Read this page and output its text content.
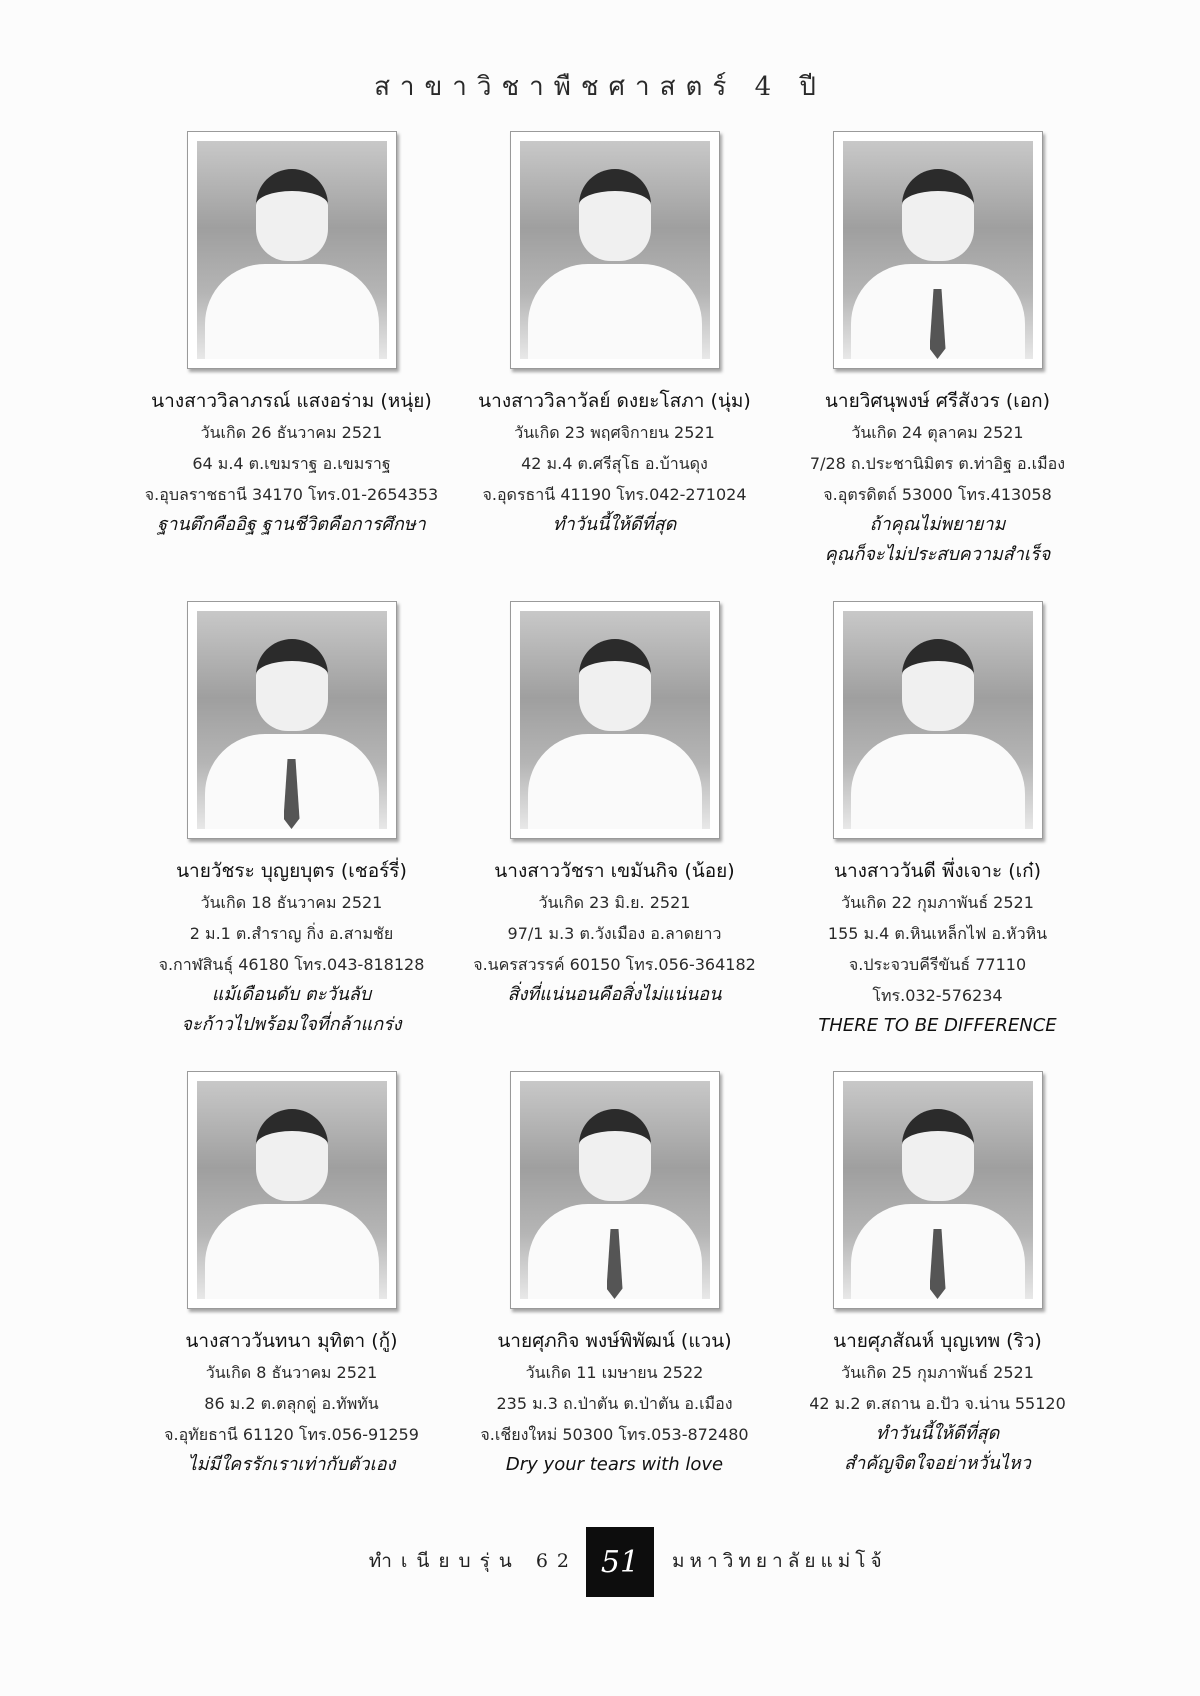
สาขาวิชาพืชศาสตร์ 4 ปี
นางสาววิลาภรณ์ แสงอร่าม (หนุ่ย)
วันเกิด 26 ธันวาคม 2521
64 ม.4 ต.เขมราฐ อ.เขมราฐ
จ.อุบลราชธานี 34170 โทร.01-2654353
ฐานตึกคืออิฐ ฐานชีวิตคือการศึกษา
นางสาววิลาวัลย์ ดงยะโสภา (นุ่ม)
วันเกิด 23 พฤศจิกายน 2521
42 ม.4 ต.ศรีสุโธ อ.บ้านดุง
จ.อุดรธานี 41190 โทร.042-271024
ทำวันนี้ให้ดีที่สุด
นายวิศนุพงษ์ ศรีสังวร (เอก)
วันเกิด 24 ตุลาคม 2521
7/28 ถ.ประชานิมิตร ต.ท่าอิฐ อ.เมือง
จ.อุตรดิตถ์ 53000 โทร.413058
ถ้าคุณไม่พยายาม
คุณก็จะไม่ประสบความสำเร็จ
นายวัชระ บุญยบุตร (เชอร์รี่)
วันเกิด 18 ธันวาคม 2521
2 ม.1 ต.สำราญ กิ่ง อ.สามชัย
จ.กาฬสินธุ์ 46180 โทร.043-818128
แม้เดือนดับ ตะวันลับ
จะก้าวไปพร้อมใจที่กล้าแกร่ง
นางสาววัชรา เขมันกิจ (น้อย)
วันเกิด 23 มิ.ย. 2521
97/1 ม.3 ต.วังเมือง อ.ลาดยาว
จ.นครสวรรค์ 60150 โทร.056-364182
สิ่งที่แน่นอนคือสิ่งไม่แน่นอน
นางสาววันดี พึ่งเจาะ (เก๋)
วันเกิด 22 กุมภาพันธ์ 2521
155 ม.4 ต.หินเหล็กไฟ อ.หัวหิน
จ.ประจวบคีรีขันธ์ 77110
โทร.032-576234
THERE TO BE DIFFERENCE
นางสาววันทนา มุทิตา (กู้)
วันเกิด 8 ธันวาคม 2521
86 ม.2 ต.ตลุกดู่ อ.ทัพทัน
จ.อุทัยธานี 61120 โทร.056-91259
ไม่มีใครรักเราเท่ากับตัวเอง
นายศุภกิจ พงษ์พิพัฒน์ (แวน)
วันเกิด 11 เมษายน 2522
235 ม.3 ถ.ป่าตัน ต.ป่าตัน อ.เมือง
จ.เชียงใหม่ 50300 โทร.053-872480
Dry your tears with love
นายศุภสัณห์ บุญเทพ (ริว)
วันเกิด 25 กุมภาพันธ์ 2521
42 ม.2 ต.สถาน อ.ปัว จ.น่าน 55120
ทำวันนี้ให้ดีที่สุด
สำคัญจิตใจอย่าหวั่นไหว
ทำเนียบรุ่น 62 51	มหาวิทยาลัยแม่โจ้
